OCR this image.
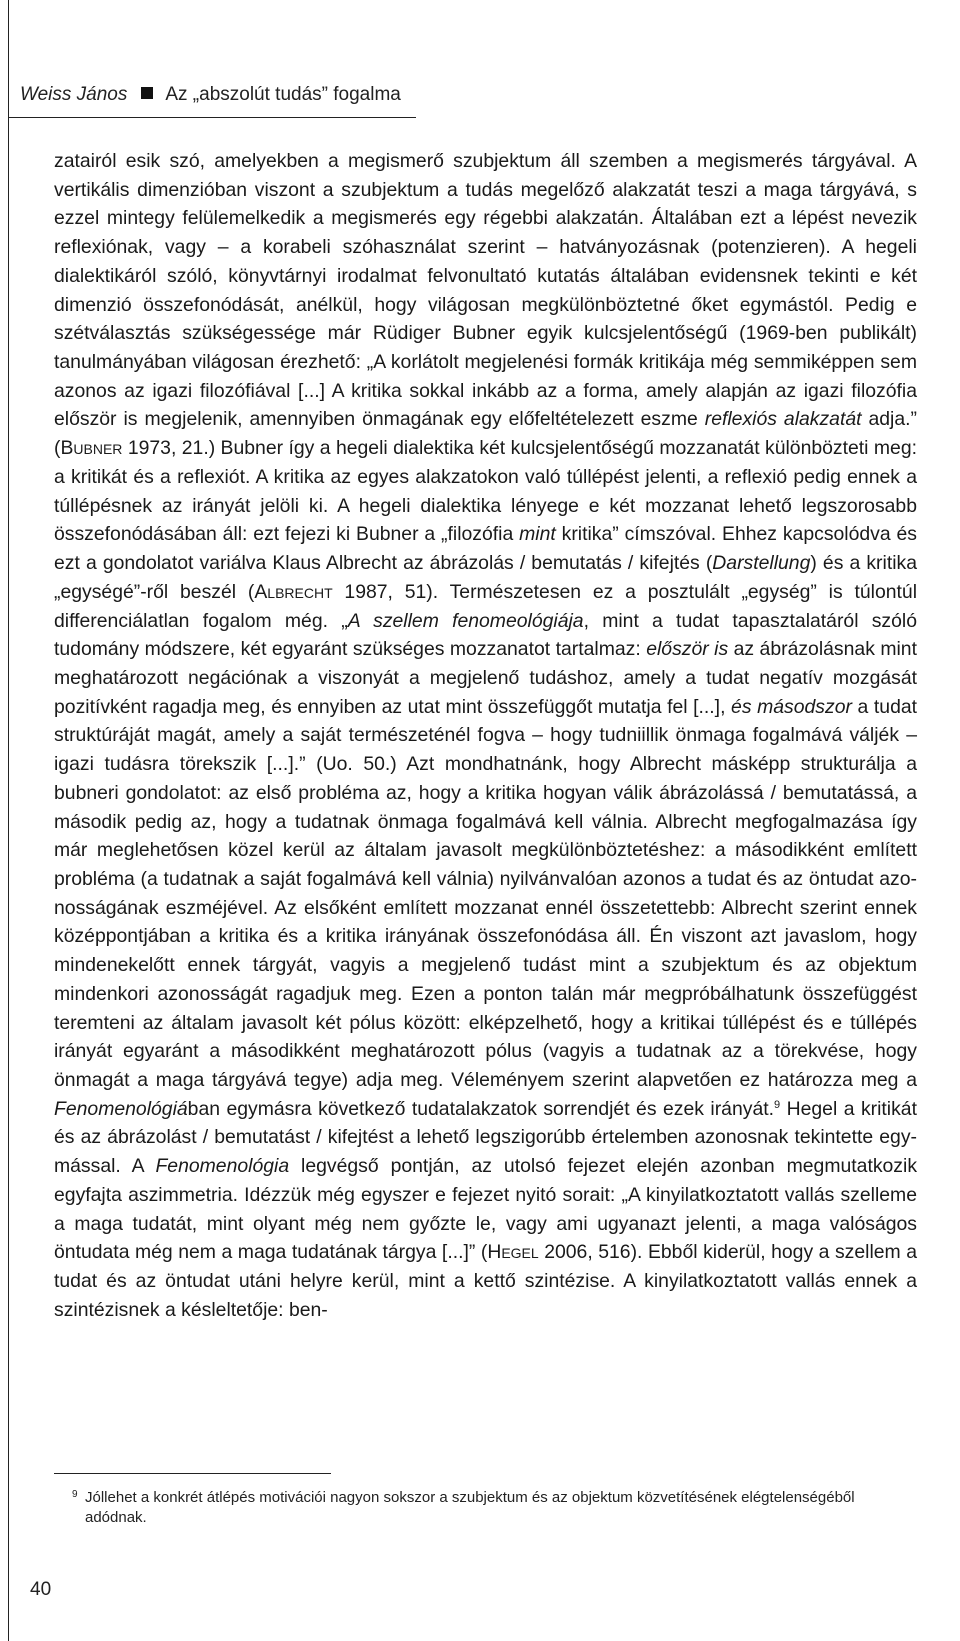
Weiss János Az „abszolút tudás” fogalma

zatairól esik szó, amelyekben a megismerő szubjektum áll szemben a megismerés tárgyával. A vertikális dimenzióban viszont a szubjektum a tudás megelőző alakzatát teszi a maga tárgyává, s ezzel mintegy felülemelkedik a megismerés egy régebbi alakzatán. Általában ezt a lépést nevezik reflexiónak, vagy – a korabeli szóhasználat szerint – hatványozásnak (potenzieren). A hegeli dialektikáról szóló, könyvtárnyi irodalmat felvonultató kutatás általában evidensnek tekinti e két dimenzió összefonódását, anélkül, hogy világosan megkülönböztetné őket egymástól. Pedig e szétválasztás szükségessége már Rüdiger Bubner egyik kulcsjelentőségű (1969-ben publikált) tanulmányában világosan érezhető: „A korlátolt megjelenési formák kritikája még semmiképpen sem azonos az igazi filozófiával [...] A kritika sokkal inkább az a forma, amely alapján az igazi filozófia először is megjelenik, amennyiben önmagának egy előfeltételezett eszme reflexiós alakzatát adja.” (Bubner 1973, 21.) Bubner így a hegeli dialektika két kulcsjelentőségű mozzanatát különbözteti meg: a kritikát és a reflexiót. A kritika az egyes alakzatokon való túllépést jelenti, a reflexió pedig ennek a túllépésnek az irányát jelöli ki. A hegeli dialektika lényege e két mozzanat lehető legszorosabb összefonódásában áll: ezt fejezi ki Bubner a „filozófia mint kritika” címszóval. Ehhez kapcsolódva és ezt a gondolatot variálva Klaus Albrecht az ábrázolás / bemutatás / kifejtés (Darstellung) és a kritika „egységé”-ről beszél (Albrecht 1987, 51). Természetesen ez a posztulált „egység” is túlontúl differenciálatlan fogalom még. „A szellem fenomeológiája, mint a tudat tapasztalatáról szóló tudomány módszere, két egyaránt szükséges mozzanatot tartalmaz: először is az ábrázolásnak mint meghatározott negációnak a viszonyát a megjelenő tudáshoz, amely a tudat negatív mozgását pozitívként ragadja meg, és ennyiben az utat mint összefüggőt mutatja fel [...], és másodszor a tudat struktúráját magát, amely a saját természeténél fogva – hogy tudniillik önmaga fogalmává váljék – igazi tudásra törekszik [...].” (Uo. 50.) Azt mondhatnánk, hogy Albrecht másképp strukturálja a bubneri gondolatot: az első probléma az, hogy a kritika hogyan válik ábrázolássá / bemutatássá, a második pedig az, hogy a tudatnak önmaga fogalmává kell válnia. Albrecht megfogalmazása így már meglehetősen közel kerül az általam javasolt megkülönböztetéshez: a másodikként említett probléma (a tudatnak a saját fogalmává kell válnia) nyilvánvalóan azonos a tudat és az öntudat azonosságának eszméjével. Az elsőként említett mozzanat ennél összetettebb: Albrecht szerint ennek középpontjában a kritika és a kritika irányának összefonódása áll. Én viszont azt javaslom, hogy mindenekelőtt ennek tárgyát, vagyis a megjelenő tudást mint a szubjektum és az objektum mindenkori azonosságát ragadjuk meg. Ezen a ponton talán már megpróbálhatunk összefüggést teremteni az általam javasolt két pólus között: elképzelhető, hogy a kritikai túllépést és e túllépés irányát egyaránt a másodikként meghatározott pólus (vagyis a tudatnak az a törekvése, hogy önmagát a maga tárgyává tegye) adja meg. Véleményem szerint alapvetően ez határozza meg a Fenomenológiában egymásra következő tudatalakzatok sorrendjét és ezek irányát.$^9$ Hegel a kritikát és az ábrázolást / bemutatást / kifejtést a lehető legszigorúbb értelemben azonosnak tekintette egymással. A Fenomenológia legvégső pontján, az utolsó fejezet elején azonban megmutatkozik egyfajta aszimmetria. Idézzük még egyszer e fejezet nyitó sorait: „A kinyilatkoztatott vallás szelleme a maga tudatát, mint olyant még nem győzte le, vagy ami ugyanazt jelenti, a maga valóságos öntudata még nem a maga tudatának tárgya [...]” (Hegel 2006, 516). Ebből kiderül, hogy a szellem a tudat és az öntudat utáni helyre kerül, mint a kettő szintézise. A kinyilatkoztatott vallás ennek a szintézisnek a késleltetője: ben-

9 Jóllehet a konkrét átlépés motivációi nagyon sokszor a szubjektum és az objektum közvetítésének elégtelenségéből adódnak.
40
